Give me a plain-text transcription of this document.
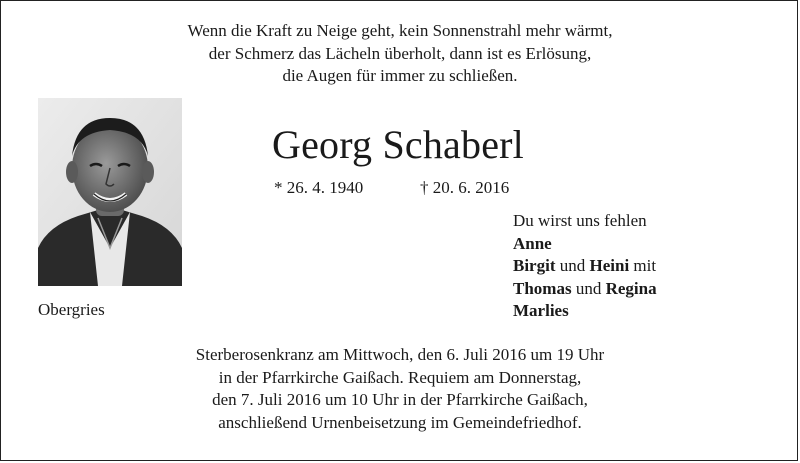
Wenn die Kraft zu Neige geht, kein Sonnenstrahl mehr wärmt,
der Schmerz das Lächeln überholt, dann ist es Erlösung,
die Augen für immer zu schließen.
Georg Schaberl
* 26. 4. 1940	† 20. 6. 2016
Obergries
Du wirst uns fehlen
Anne
Birgit und Heini mit
Thomas und Regina
Marlies
Sterberosenkranz am Mittwoch, den 6. Juli 2016 um 19 Uhr
in der Pfarrkirche Gaißach. Requiem am Donnerstag,
den 7. Juli 2016 um 10 Uhr in der Pfarrkirche Gaißach,
anschließend Urnenbeisetzung im Gemeindefriedhof.
